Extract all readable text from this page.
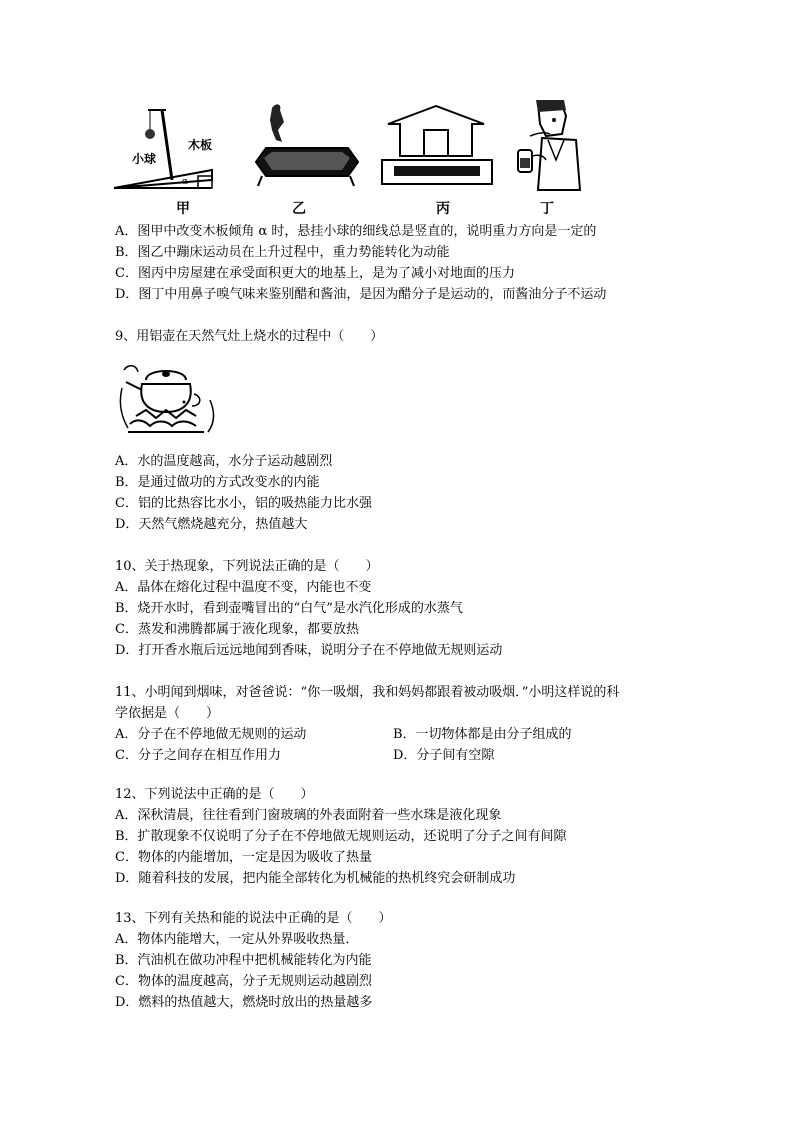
α
小球
木板
甲	乙	丙	丁
A．图甲中改变木板倾角 α 时，悬挂小球的细线总是竖直的，说明重力方向是一定的
B．图乙中蹦床运动员在上升过程中，重力势能转化为动能
C．图丙中房屋建在承受面积更大的地基上，是为了减小对地面的压力
D．图丁中用鼻子嗅气味来鉴别醋和酱油，是因为醋分子是运动的，而酱油分子不运动
9、用铝壶在天然气灶上烧水的过程中（　　）
A．水的温度越高，水分子运动越剧烈
B．是通过做功的方式改变水的内能
C．铝的比热容比水小，铝的吸热能力比水强
D．天然气燃烧越充分，热值越大
10、关于热现象，下列说法正确的是（　　）
A．晶体在熔化过程中温度不变，内能也不变
B．烧开水时，看到壶嘴冒出的“白气”是水汽化形成的水蒸气
C．蒸发和沸腾都属于液化现象，都要放热
D．打开香水瓶后远远地闻到香味，说明分子在不停地做无规则运动
11、小明闻到烟味，对爸爸说：“你一吸烟，我和妈妈都跟着被动吸烟．”小明这样说的科
学依据是（　　）
A．分子在不停地做无规则的运动	B．一切物体都是由分子组成的
C．分子之间存在相互作用力	D．分子间有空隙
12、下列说法中正确的是（　　）
A．深秋清晨，往往看到门窗玻璃的外表面附着一些水珠是液化现象
B．扩散现象不仅说明了分子在不停地做无规则运动，还说明了分子之间有间隙
C．物体的内能增加，一定是因为吸收了热量
D．随着科技的发展，把内能全部转化为机械能的热机终究会研制成功
13、下列有关热和能的说法中正确的是（　　）
A．物体内能增大，一定从外界吸收热量．
B．汽油机在做功冲程中把机械能转化为内能
C．物体的温度越高，分子无规则运动越剧烈
D．燃料的热值越大，燃烧时放出的热量越多
